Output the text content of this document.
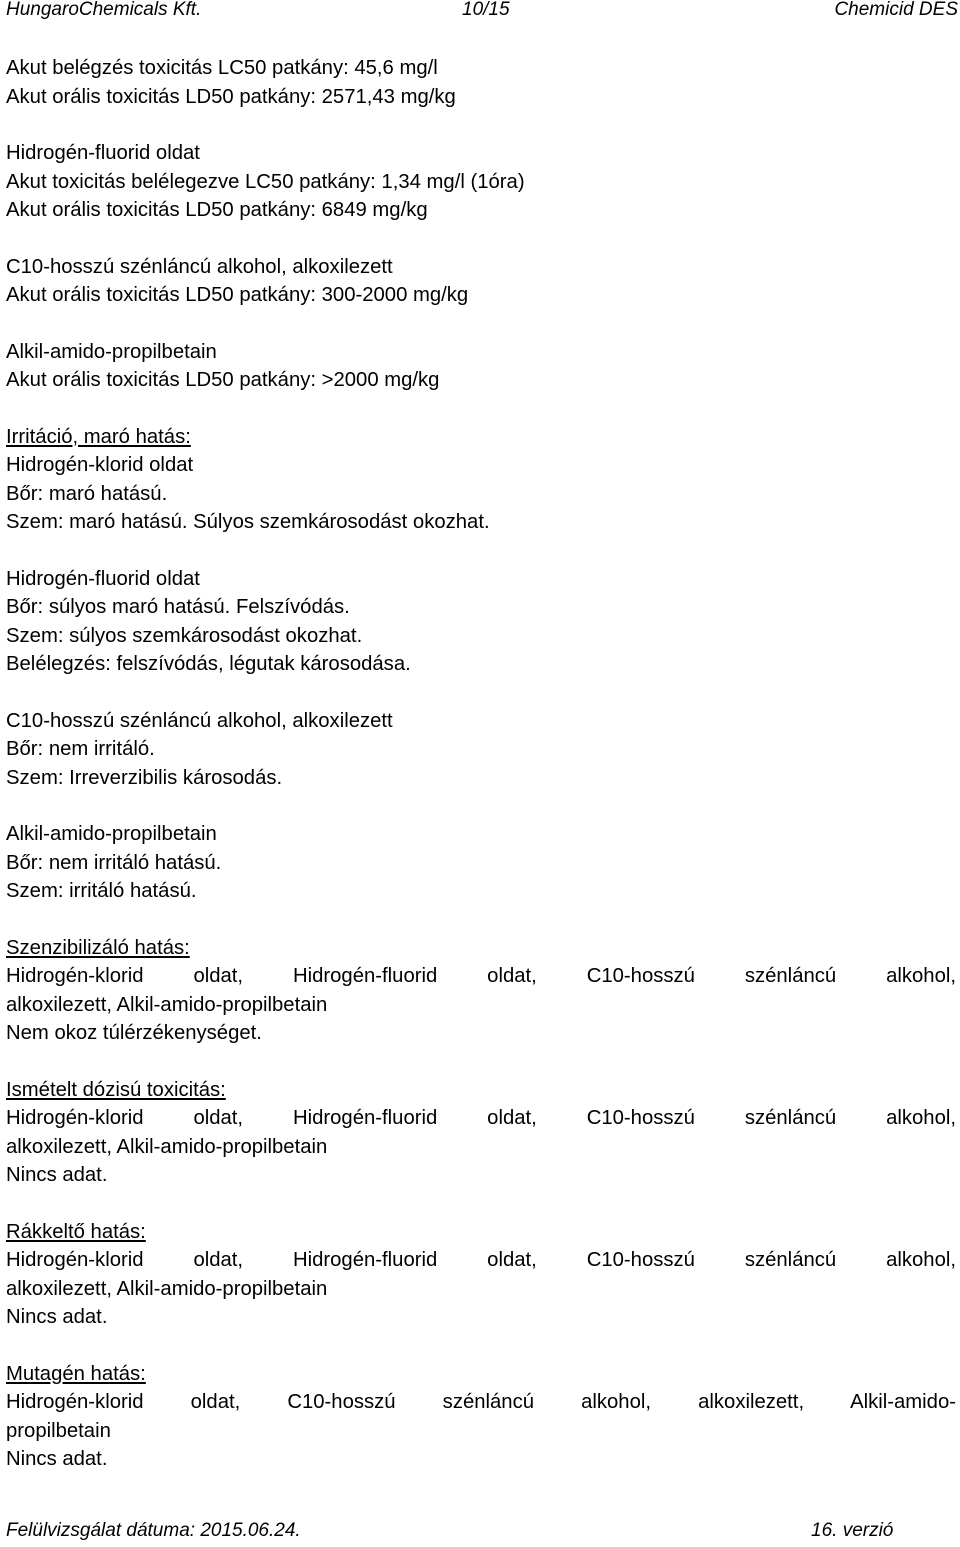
HungaroChemicals Kft.	10/15	Chemicid DES
Akut belégzés toxicitás LC50 patkány: 45,6 mg/l
Akut orális toxicitás LD50 patkány: 2571,43 mg/kg
Hidrogén-fluorid oldat
Akut toxicitás belélegezve LC50 patkány: 1,34 mg/l (1óra)
Akut orális toxicitás LD50 patkány: 6849 mg/kg
C10-hosszú szénláncú alkohol, alkoxilezett
Akut orális toxicitás LD50 patkány: 300-2000 mg/kg
Alkil-amido-propilbetain
Akut orális toxicitás LD50 patkány: >2000 mg/kg
Irritáció, maró hatás:
Hidrogén-klorid oldat
Bőr: maró hatású.
Szem: maró hatású. Súlyos szemkárosodást okozhat.
Hidrogén-fluorid oldat
Bőr: súlyos maró hatású. Felszívódás.
Szem: súlyos szemkárosodást okozhat.
Belélegzés: felszívódás, légutak károsodása.
C10-hosszú szénláncú alkohol, alkoxilezett
Bőr: nem irritáló.
Szem: Irreverzibilis károsodás.
Alkil-amido-propilbetain
Bőr: nem irritáló hatású.
Szem: irritáló hatású.
Szenzibilizáló hatás:
Hidrogén-klorid oldat, Hidrogén-fluorid oldat, C10-hosszú szénláncú alkohol,
alkoxilezett, Alkil-amido-propilbetain
Nem okoz túlérzékenységet.
Ismételt dózisú toxicitás:
Hidrogén-klorid oldat, Hidrogén-fluorid oldat, C10-hosszú szénláncú alkohol,
alkoxilezett, Alkil-amido-propilbetain
Nincs adat.
Rákkeltő hatás:
Hidrogén-klorid oldat, Hidrogén-fluorid oldat, C10-hosszú szénláncú alkohol,
alkoxilezett, Alkil-amido-propilbetain
Nincs adat.
Mutagén hatás:
Hidrogén-klorid oldat, C10-hosszú szénláncú alkohol, alkoxilezett, Alkil-amido-
propilbetain
Nincs adat.
Felülvizsgálat dátuma: 2015.06.24.	16. verzió
